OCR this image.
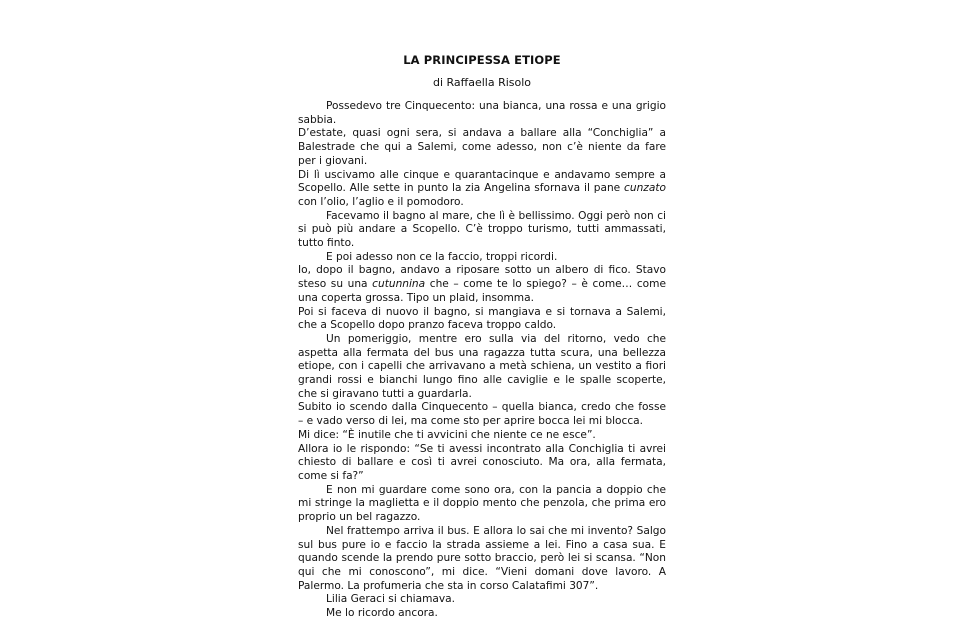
LA PRINCIPESSA ETIOPE
di Raffaella Risolo

Possedevo tre Cinquecento: una bianca, una rossa e una grigio sabbia.

D’estate, quasi ogni sera, si andava a ballare alla “Conchiglia” a Balestrade che qui a Salemi, come adesso, non c’è niente da fare per i giovani.

Di lì uscivamo alle cinque e quarantacinque e andavamo sempre a Scopello. Alle sette in punto la zia Angelina sfornava il pane cunzato con l’olio, l’aglio e il pomodoro.

Facevamo il bagno al mare, che lì è bellissimo. Oggi però non ci si può più andare a Scopello. C’è troppo turismo, tutti ammassati, tutto finto.

E poi adesso non ce la faccio, troppi ricordi.

Io, dopo il bagno, andavo a riposare sotto un albero di fico. Stavo steso su una cutunnina che – come te lo spiego? – è come… come una coperta grossa. Tipo un plaid, insomma.

Poi si faceva di nuovo il bagno, si mangiava e si tornava a Salemi, che a Scopello dopo pranzo faceva troppo caldo.

Un pomeriggio, mentre ero sulla via del ritorno, vedo che aspetta alla fermata del bus una ragazza tutta scura, una bellezza etiope, con i capelli che arrivavano a metà schiena, un vestito a fiori grandi rossi e bianchi lungo fino alle caviglie e le spalle scoperte, che si giravano tutti a guardarla.

Subito io scendo dalla Cinquecento – quella bianca, credo che fosse – e vado verso di lei, ma come sto per aprire bocca lei mi blocca.

Mi dice: “È inutile che ti avvicini che niente ce ne esce”.

Allora io le rispondo: “Se ti avessi incontrato alla Conchiglia ti avrei chiesto di ballare e così ti avrei conosciuto. Ma ora, alla fermata, come si fa?”

E non mi guardare come sono ora, con la pancia a doppio che mi stringe la maglietta e il doppio mento che penzola, che prima ero proprio un bel ragazzo.

Nel frattempo arriva il bus. E allora lo sai che mi invento? Salgo sul bus pure io e faccio la strada assieme a lei. Fino a casa sua. E quando scende la prendo pure sotto braccio, però lei si scansa. “Non qui che mi conoscono”, mi dice. “Vieni domani dove lavoro. A Palermo. La profumeria che sta in corso Calatafimi 307”.

Lilia Geraci si chiamava.

Me lo ricordo ancora.
